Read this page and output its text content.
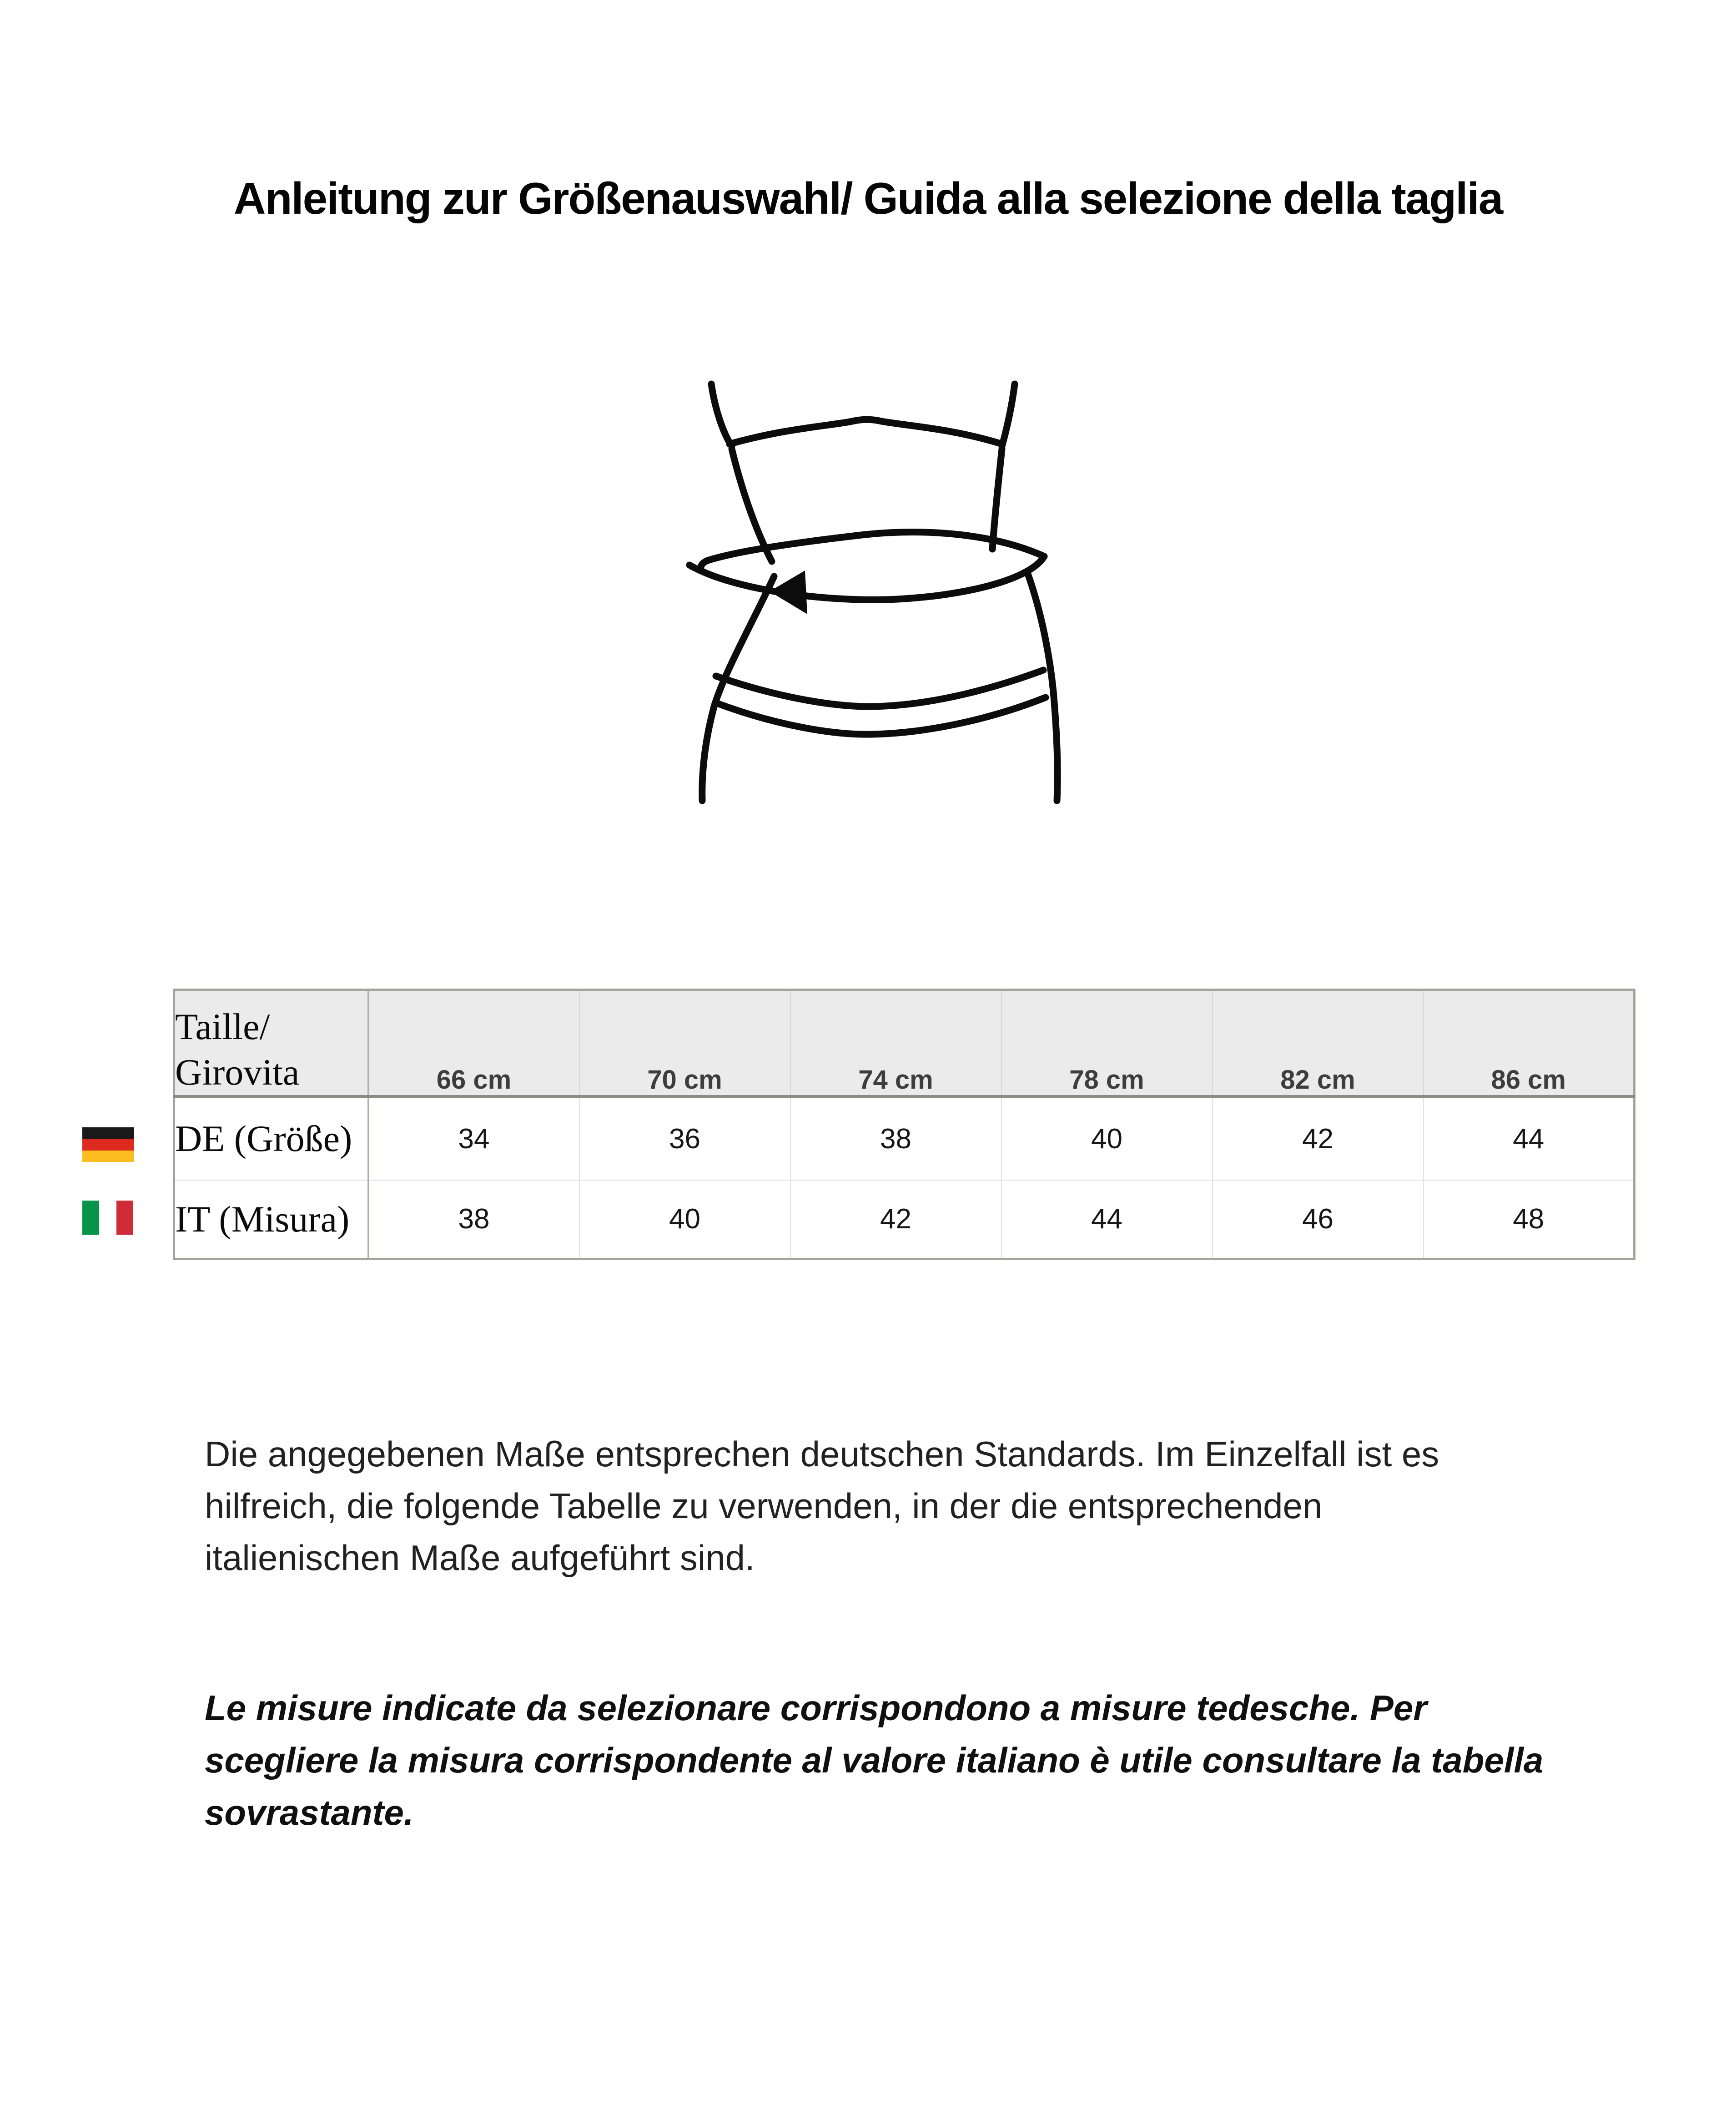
Anleitung zur Größenauswahl/ Guida alla selezione della taglia
Taille/
Girovita	66 cm	70 cm	74 cm	78 cm	82 cm	86 cm
DE (Größe)	34	36	38	40	42	44
IT (Misura)	38	40	42	44	46	48
Die angegebenen Maße entsprechen deutschen Standards. Im Einzelfall ist es
hilfreich, die folgende Tabelle zu verwenden, in der die entsprechenden
italienischen Maße aufgeführt sind.
Le misure indicate da selezionare corrispondono a misure tedesche. Per
scegliere la misura corrispondente al valore italiano è utile consultare la tabella
sovrastante.
